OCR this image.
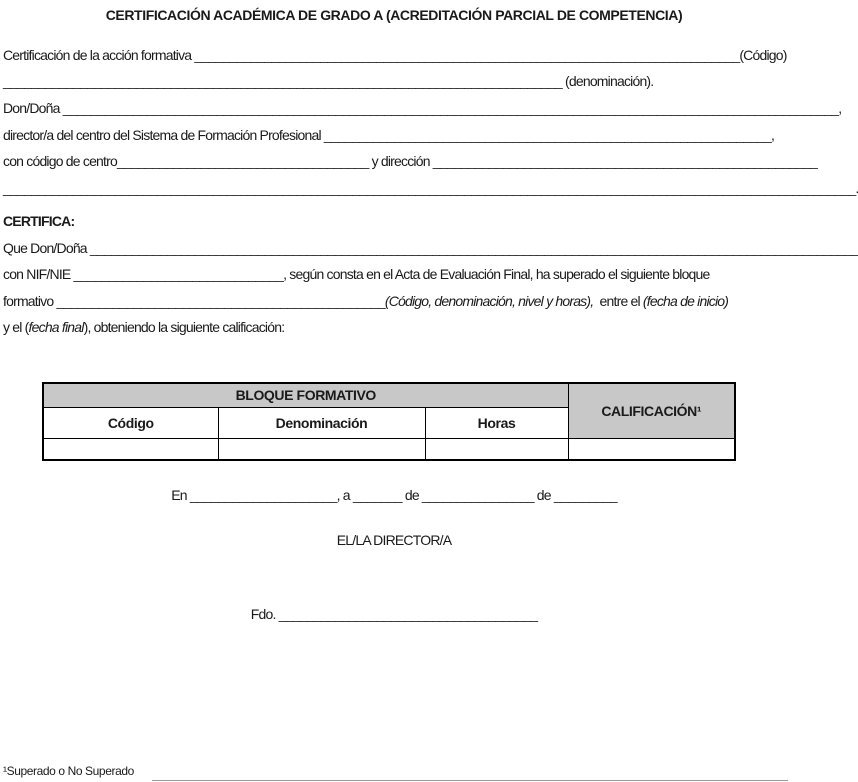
CERTIFICACIÓN ACADÉMICA DE GRADO A (ACREDITACIÓN PARCIAL DE COMPETENCIA)
Certificación de la acción formativa ______________________________________________________________________________(Código)
________________________________________________________________________________ (denominación).
Don/Doña _______________________________________________________________________________________________________________,
director/a del centro del Sistema de Formación Profesional ________________________________________________________________,
con código de centro____________________________________ y dirección _______________________________________________________
__________________________________________________________________________________________________________________________
CERTIFICA:
Que Don/Doña ______________________________________________________________________________________________________________
con NIF/NIE ______________________________, según consta en el Acta de Evaluación Final, ha superado el siguiente bloque
formativo _______________________________________________(Código, denominación, nivel y horas),  entre el (fecha de inicio)
y el (fecha final), obteniendo la siguiente calificación:
BLOQUE FORMATIVO			CALIFICACIÓN¹
Código	Denominación	Horas	

En _____________________, a _______ de ________________ de _________
EL/LA DIRECTOR/A
Fdo. _____________________________________
¹Superado o No Superado
